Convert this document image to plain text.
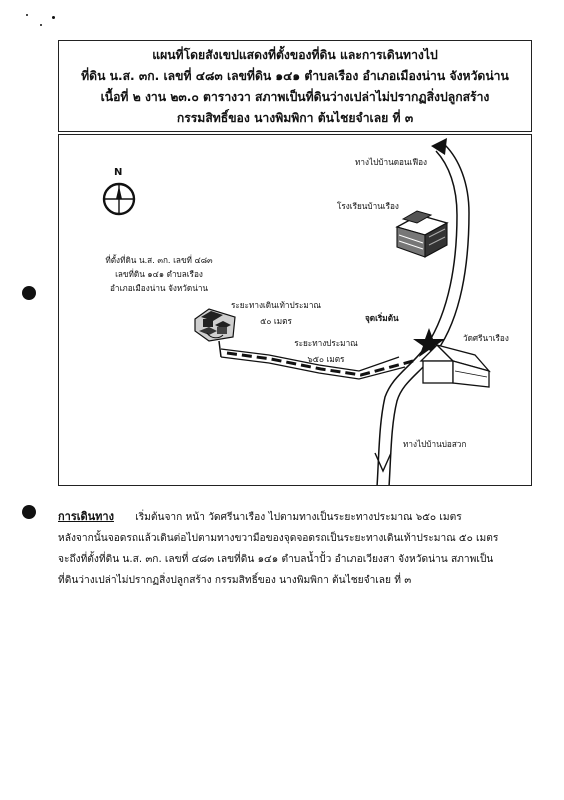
แผนที่โดยสังเขปแสดงที่ตั้งของที่ดิน และการเดินทางไป
ที่ดิน น.ส. ๓ก. เลขที่ ๔๘๓ เลขที่ดิน ๑๔๑ ตำบลเรือง อำเภอเมืองน่าน จังหวัดน่าน
เนื้อที่ ๒ งาน ๒๓.๐ ตารางวา สภาพเป็นที่ดินว่างเปล่าไม่ปรากฏสิ่งปลูกสร้าง
กรรมสิทธิ์ของ นางพิมพิกา ต้นไชยจำเลย ที่ ๓
N
ทางไปบ้านดอนเฟือง
โรงเรียนบ้านเรือง
ที่ตั้งที่ดิน น.ส. ๓ก. เลขที่ ๔๘๓
เลขที่ดิน ๑๔๑ ตำบลเรือง
อำเภอเมืองน่าน จังหวัดน่าน
ระยะทางเดินเท้าประมาณ
๕๐ เมตร
ระยะทางประมาณ
๖๕๐ เมตร
จุดเริ่มต้น
วัดศรีนาเรือง
ทางไปบ้านบ่อสวก
การเดินทาง เริ่มต้นจาก หน้า วัดศรีนาเรือง ไปตามทางเป็นระยะทางประมาณ ๖๕๐ เมตร
หลังจากนั้นจอดรถแล้วเดินต่อไปตามทางขวามือของจุดจอดรถเป็นระยะทางเดินเท้าประมาณ ๕๐ เมตร
จะถึงที่ตั้งที่ดิน น.ส. ๓ก. เลขที่ ๔๘๓ เลขที่ดิน ๑๔๑ ตำบลน้ำปั้ว อำเภอเวียงสา จังหวัดน่าน สภาพเป็น
ที่ดินว่างเปล่าไม่ปรากฏสิ่งปลูกสร้าง กรรมสิทธิ์ของ นางพิมพิกา ต้นไชยจำเลย ที่ ๓
